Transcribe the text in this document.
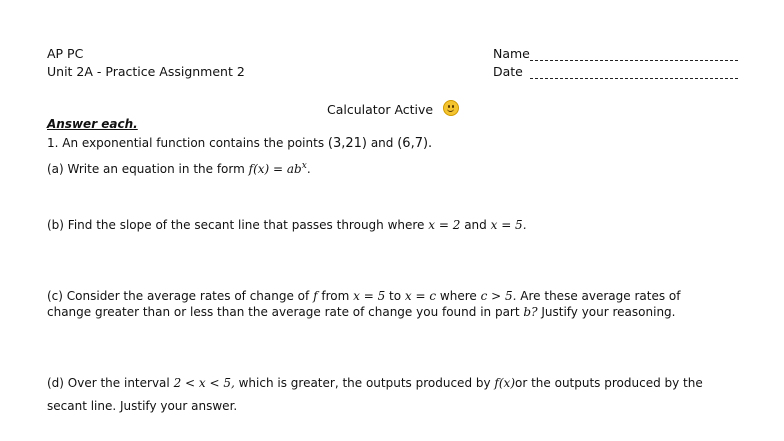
AP PC
Unit 2A - Practice Assignment 2
Name
Date
Calculator Active
Answer each.
1. An exponential function contains the points (3,21) and (6,7).
(a) Write an equation in the form $f(x) = ab^x$.
(b) Find the slope of the secant line that passes through where x = 2 and x = 5.
(c) Consider the average rates of change of f from x = 5 to x = c where c > 5. Are these average rates of
change greater than or less than the average rate of change you found in part b? Justify your reasoning.
(d) Over the interval 2 < x < 5, which is greater, the outputs produced by f(x)or the outputs produced by the
secant line. Justify your answer.
